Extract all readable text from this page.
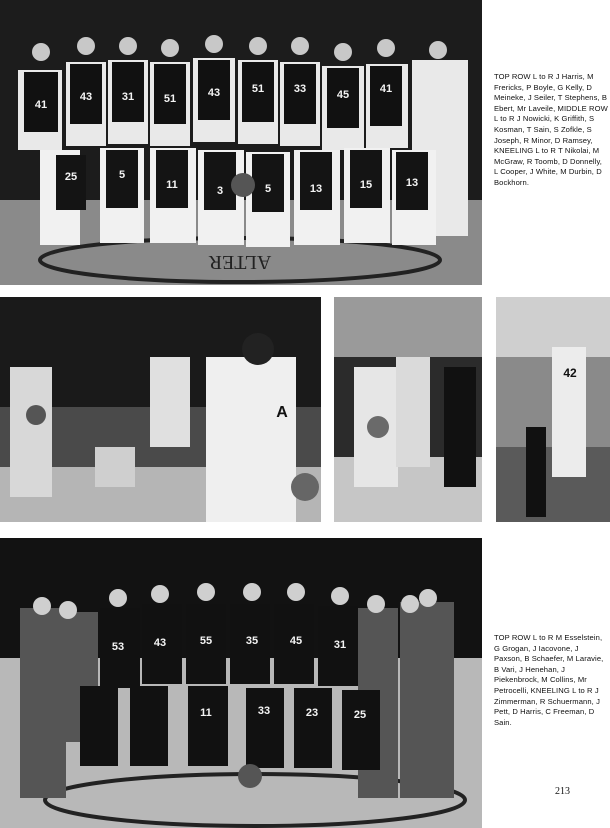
ALTER
41
43	31	51	43	51	33	45	41
25	5
11	3	5	13	15	13
TOP ROW L to R J Harris, M Frericks, P Boyle, G Kelly, D Meineke, J Seiler, T Stephens, B Ebert, Mr Laveile, MIDDLE ROW L to R J Nowicki, K Griffith, S Kosman, T Sain, S Zofkle, S Joseph, R Minor, D Ramsey, KNEELING L to R T Nikolai, M McGraw, R Toomb, D Donnelly, L Cooper, J White, M Durbin, D Bockhorn.
A
42
53	43	55	35	45	31
11	33	23	25
TOP ROW L to R M Esselstein, G Grogan, J Iacovone, J Paxson, B Schaefer, M Laravie, B Vari, J Henehan, J Piekenbrock, M Collins, Mr Petrocelli, KNEELING L to R J Zimmerman, R Schuermann, J Pett, D Harris, C Freeman, D Sain.
213
